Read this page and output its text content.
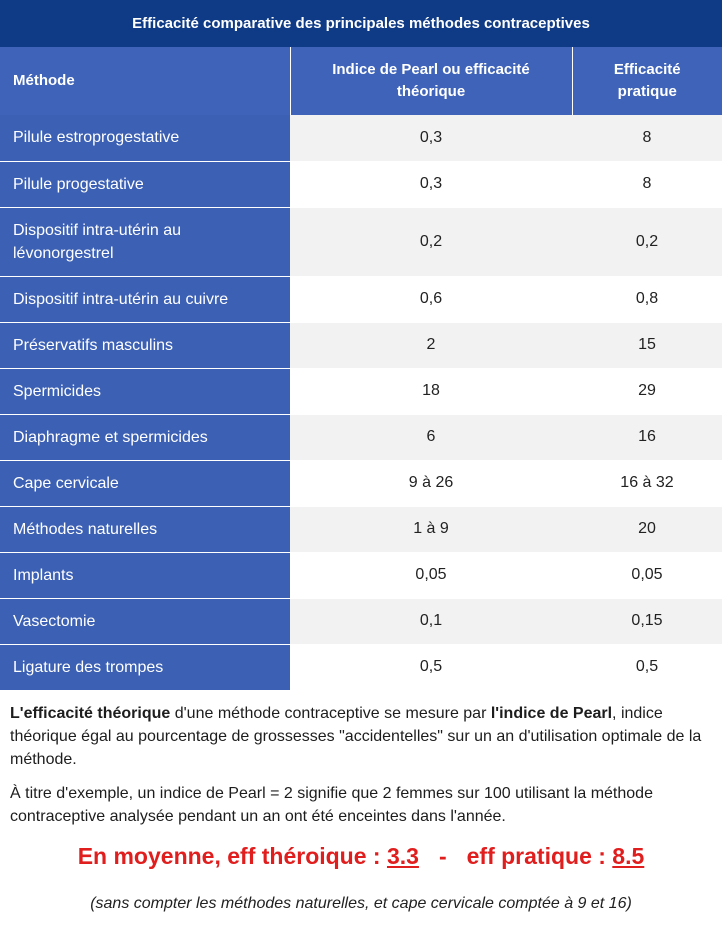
Efficacité comparative des principales méthodes contraceptives
Méthode	Indice de Pearl ou efficacité théorique	Efficacité pratique

Pilule estroprogestative	0,3	8
Pilule progestative	0,3	8
Dispositif intra-utérin au lévonorgestrel	0,2	0,2
Dispositif intra-utérin au cuivre	0,6	0,8
Préservatifs masculins	2	15
Spermicides	18	29
Diaphragme et spermicides	6	16
Cape cervicale	9 à 26	16 à 32
Méthodes naturelles	1 à 9	20
Implants	0,05	0,05
Vasectomie	0,1	0,15
Ligature des trompes	0,5	0,5

L'efficacité théorique d'une méthode contraceptive se mesure par l'indice de Pearl, indice théorique égal au pourcentage de grossesses "accidentelles" sur un an d'utilisation optimale de la méthode.

À titre d'exemple, un indice de Pearl = 2 signifie que 2 femmes sur 100 utilisant la méthode contraceptive analysée pendant un an ont été enceintes dans l'année.

En moyenne, eff théroique : 3.3 - eff pratique : 8.5
(sans compter les méthodes naturelles, et cape cervicale comptée à 9 et 16)
